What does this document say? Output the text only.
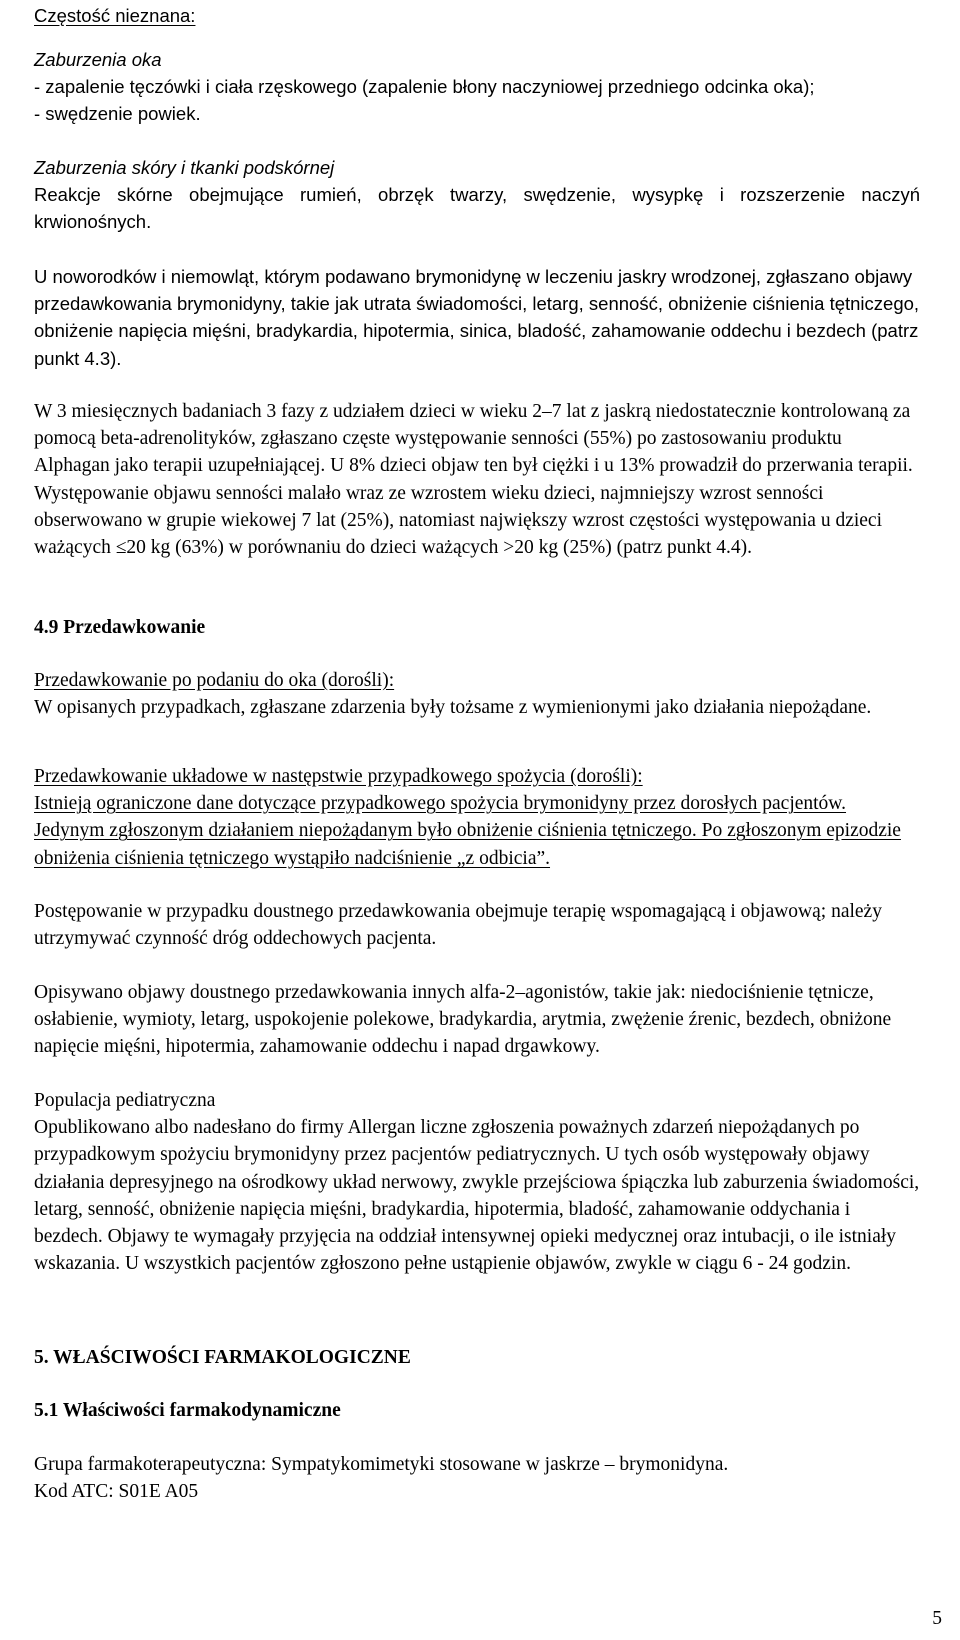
Częstość nieznana:

Zaburzenia oka

- zapalenie tęczówki i ciała rzęskowego (zapalenie błony naczyniowej przedniego odcinka oka);

- swędzenie powiek.

Zaburzenia skóry i tkanki podskórnej

Reakcje skórne obejmujące rumień, obrzęk twarzy, swędzenie, wysypkę i rozszerzenie naczyń krwionośnych.

U noworodków i niemowląt, którym podawano brymonidynę w leczeniu jaskry wrodzonej, zgłaszano objawy przedawkowania brymonidyny, takie jak utrata świadomości, letarg, senność, obniżenie ciśnienia tętniczego, obniżenie napięcia mięśni, bradykardia, hipotermia, sinica, bladość, zahamowanie oddechu i bezdech (patrz punkt 4.3).

W 3 miesięcznych badaniach 3 fazy z udziałem dzieci w wieku 2–7 lat z jaskrą niedostatecznie kontrolowaną za pomocą beta-adrenolityków, zgłaszano częste występowanie senności (55%) po zastosowaniu produktu Alphagan jako terapii uzupełniającej. U 8% dzieci objaw ten był ciężki i u 13% prowadził do przerwania terapii. Występowanie objawu senności malało wraz ze wzrostem wieku dzieci, najmniejszy wzrost senności obserwowano w grupie wiekowej 7 lat (25%), natomiast największy wzrost częstości występowania u dzieci ważących ≤20 kg (63%) w porównaniu do dzieci ważących >20 kg (25%) (patrz punkt 4.4).

4.9 Przedawkowanie

Przedawkowanie po podaniu do oka (dorośli):

W opisanych przypadkach, zgłaszane zdarzenia były tożsame z wymienionymi jako działania niepożądane.

Przedawkowanie układowe w następstwie przypadkowego spożycia (dorośli):

Istnieją ograniczone dane dotyczące przypadkowego spożycia brymonidyny przez dorosłych pacjentów. Jedynym zgłoszonym działaniem niepożądanym było obniżenie ciśnienia tętniczego. Po zgłoszonym epizodzie obniżenia ciśnienia tętniczego wystąpiło nadciśnienie „z odbicia”.

Postępowanie w przypadku doustnego przedawkowania obejmuje terapię wspomagającą i objawową; należy utrzymywać czynność dróg oddechowych pacjenta.

Opisywano objawy doustnego przedawkowania innych alfa-2–agonistów, takie jak: niedociśnienie tętnicze, osłabienie, wymioty, letarg, uspokojenie polekowe, bradykardia, arytmia, zwężenie źrenic, bezdech, obniżone napięcie mięśni, hipotermia, zahamowanie oddechu i napad drgawkowy.

Populacja pediatryczna

Opublikowano albo nadesłano do firmy Allergan liczne zgłoszenia poważnych zdarzeń niepożądanych po przypadkowym spożyciu brymonidyny przez pacjentów pediatrycznych. U tych osób występowały objawy działania depresyjnego na ośrodkowy układ nerwowy, zwykle przejściowa śpiączka lub zaburzenia świadomości, letarg, senność, obniżenie napięcia mięśni, bradykardia, hipotermia, bladość, zahamowanie oddychania i bezdech. Objawy te wymagały przyjęcia na oddział intensywnej opieki medycznej oraz intubacji, o ile istniały wskazania. U wszystkich pacjentów zgłoszono pełne ustąpienie objawów, zwykle w ciągu 6 - 24 godzin.

5. WŁAŚCIWOŚCI FARMAKOLOGICZNE

5.1 Właściwości farmakodynamiczne

Grupa farmakoterapeutyczna: Sympatykomimetyki stosowane w jaskrze – brymonidyna.

Kod ATC: S01E A05

5
